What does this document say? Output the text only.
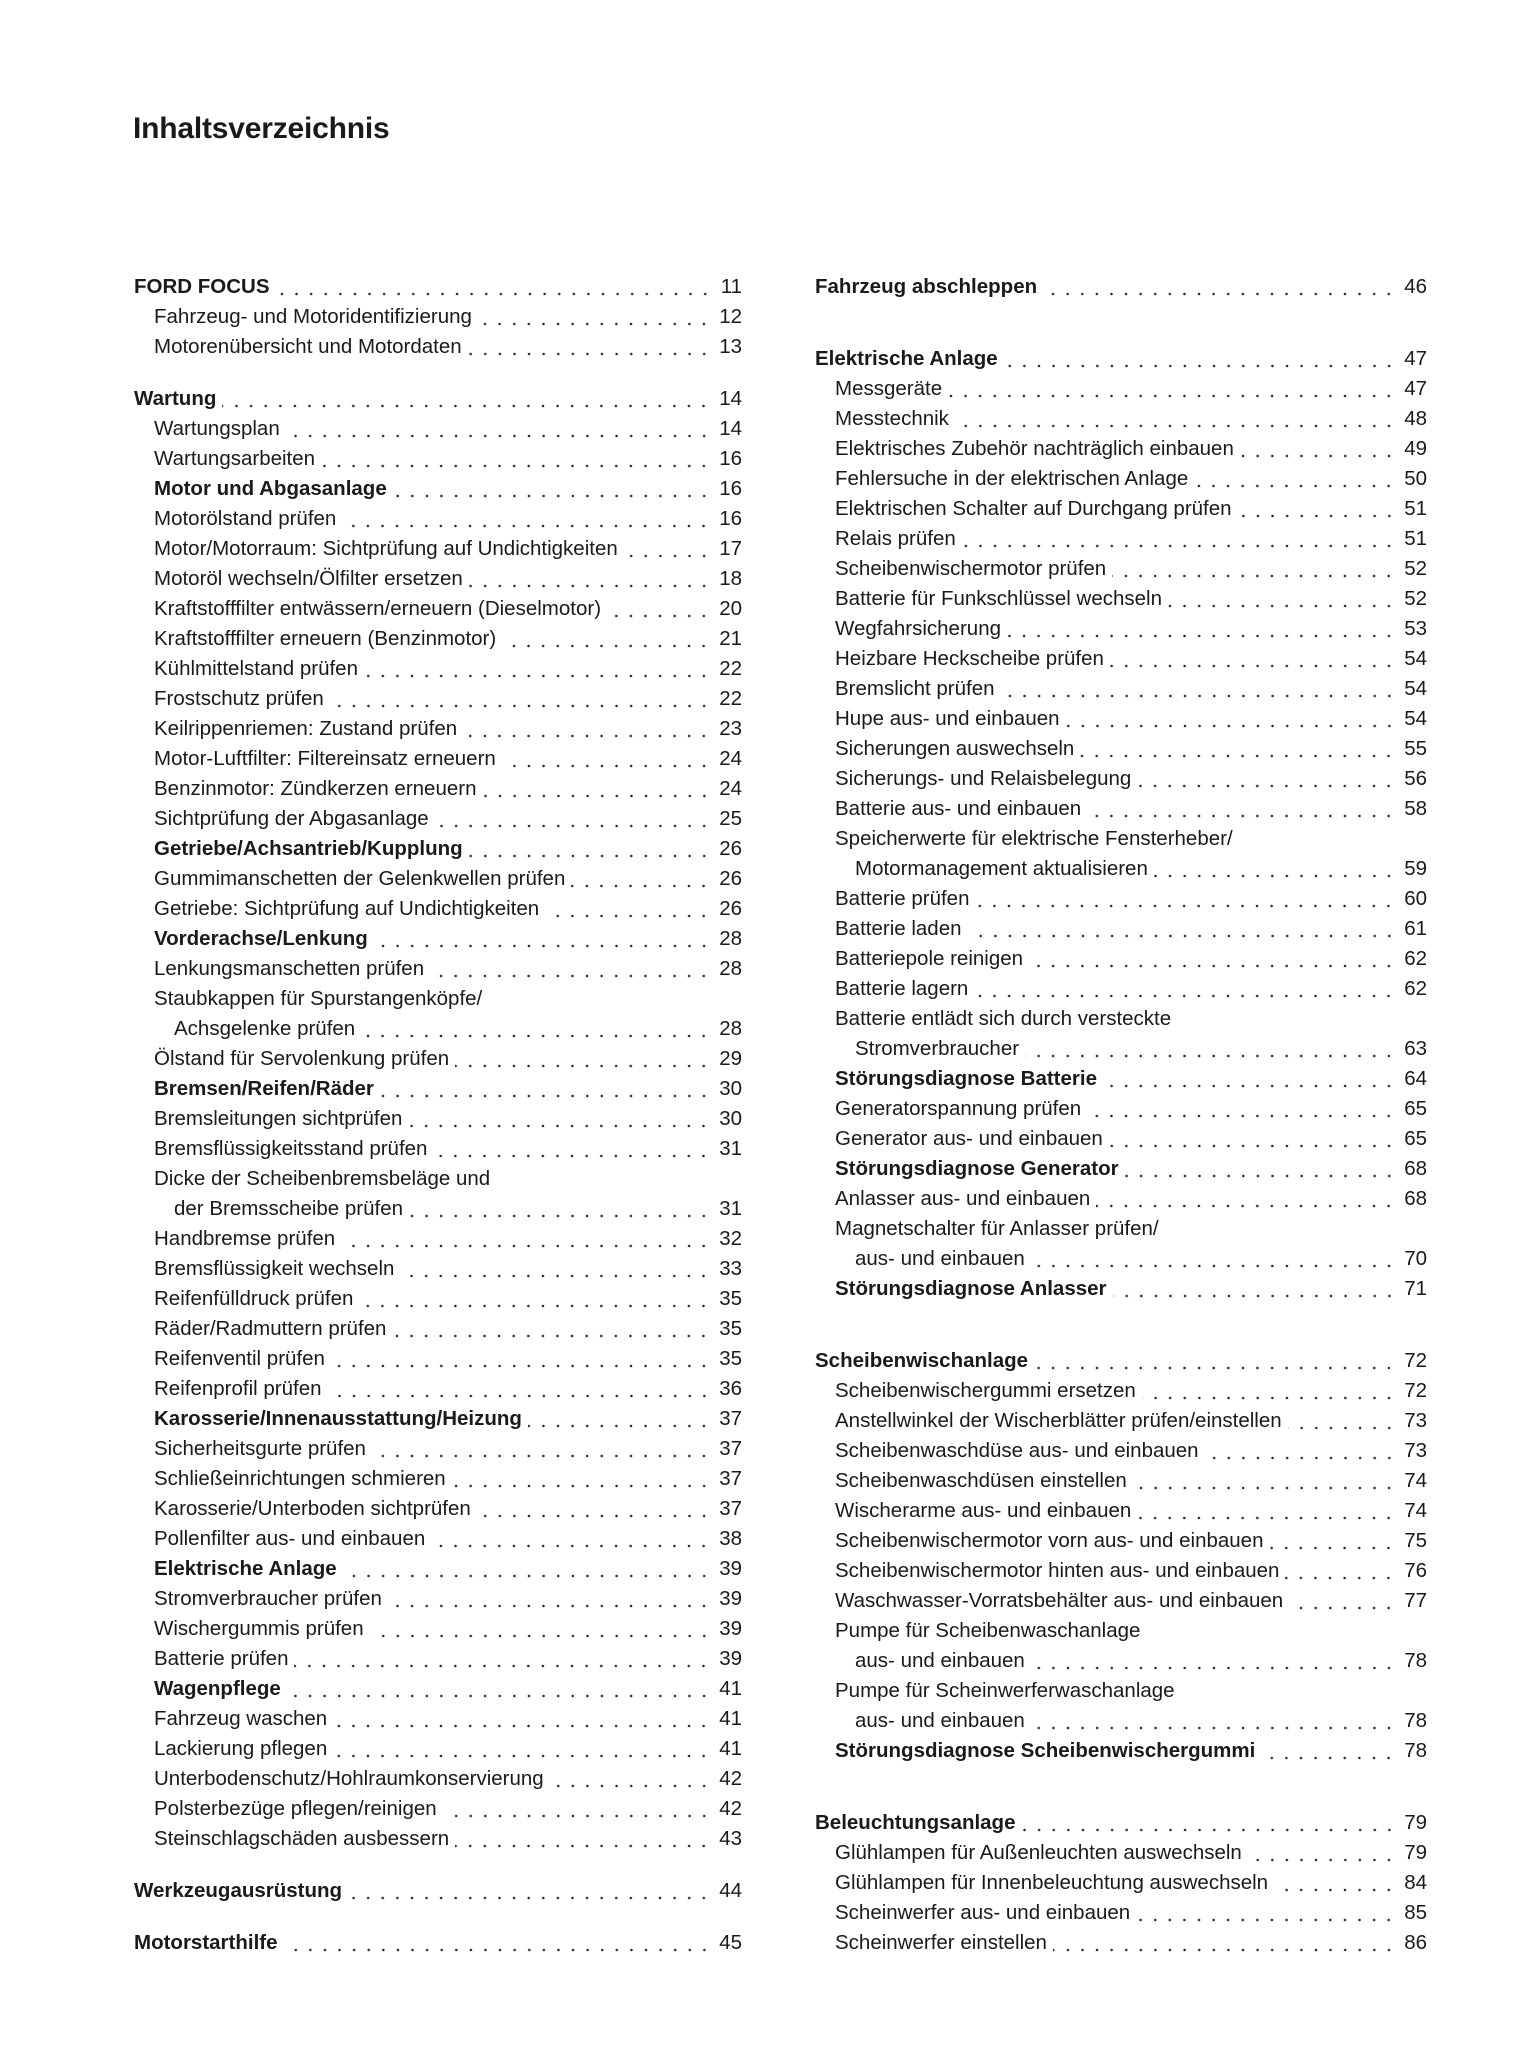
Inhaltsverzeichnis
FORD FOCUS	11
Fahrzeug- und Motoridentifizierung	12
Motorenübersicht und Motordaten	13
Wartung	14
Wartungsplan	14
Wartungsarbeiten	16
Motor und Abgasanlage	16
Motorölstand prüfen	16
Motor/Motorraum: Sichtprüfung auf Undichtigkeiten	17
Motoröl wechseln/Ölfilter ersetzen	18
Kraftstofffilter entwässern/erneuern (Dieselmotor)	20
Kraftstofffilter erneuern (Benzinmotor)	21
Kühlmittelstand prüfen	22
Frostschutz prüfen	22
Keilrippenriemen: Zustand prüfen	23
Motor-Luftfilter: Filtereinsatz erneuern	24
Benzinmotor: Zündkerzen erneuern	24
Sichtprüfung der Abgasanlage	25
Getriebe/Achsantrieb/Kupplung	26
Gummimanschetten der Gelenkwellen prüfen	26
Getriebe: Sichtprüfung auf Undichtigkeiten	26
Vorderachse/Lenkung	28
Lenkungsmanschetten prüfen	28
Staubkappen für Spurstangenköpfe/
Achsgelenke prüfen	28
Ölstand für Servolenkung prüfen	29
Bremsen/Reifen/Räder	30
Bremsleitungen sichtprüfen	30
Bremsflüssigkeitsstand prüfen	31
Dicke der Scheibenbremsbeläge und
der Bremsscheibe prüfen	31
Handbremse prüfen	32
Bremsflüssigkeit wechseln	33
Reifenfülldruck prüfen	35
Räder/Radmuttern prüfen	35
Reifenventil prüfen	35
Reifenprofil prüfen	36
Karosserie/Innenausstattung/Heizung	37
Sicherheitsgurte prüfen	37
Schließeinrichtungen schmieren	37
Karosserie/Unterboden sichtprüfen	37
Pollenfilter aus- und einbauen	38
Elektrische Anlage	39
Stromverbraucher prüfen	39
Wischergummis prüfen	39
Batterie prüfen	39
Wagenpflege	41
Fahrzeug waschen	41
Lackierung pflegen	41
Unterbodenschutz/Hohlraumkonservierung	42
Polsterbezüge pflegen/reinigen	42
Steinschlagschäden ausbessern	43
Werkzeugausrüstung	44
Motorstarthilfe	45
Fahrzeug abschleppen	46
Elektrische Anlage	47
Messgeräte	47
Messtechnik	48
Elektrisches Zubehör nachträglich einbauen	49
Fehlersuche in der elektrischen Anlage	50
Elektrischen Schalter auf Durchgang prüfen	51
Relais prüfen	51
Scheibenwischermotor prüfen	52
Batterie für Funkschlüssel wechseln	52
Wegfahrsicherung	53
Heizbare Heckscheibe prüfen	54
Bremslicht prüfen	54
Hupe aus- und einbauen	54
Sicherungen auswechseln	55
Sicherungs- und Relaisbelegung	56
Batterie aus- und einbauen	58
Speicherwerte für elektrische Fensterheber/
Motormanagement aktualisieren	59
Batterie prüfen	60
Batterie laden	61
Batteriepole reinigen	62
Batterie lagern	62
Batterie entlädt sich durch versteckte
Stromverbraucher	63
Störungsdiagnose Batterie	64
Generatorspannung prüfen	65
Generator aus- und einbauen	65
Störungsdiagnose Generator	68
Anlasser aus- und einbauen	68
Magnetschalter für Anlasser prüfen/
aus- und einbauen	70
Störungsdiagnose Anlasser	71
Scheibenwischanlage	72
Scheibenwischergummi ersetzen	72
Anstellwinkel der Wischerblätter prüfen/einstellen	73
Scheibenwaschdüse aus- und einbauen	73
Scheibenwaschdüsen einstellen	74
Wischerarme aus- und einbauen	74
Scheibenwischermotor vorn aus- und einbauen	75
Scheibenwischermotor hinten aus- und einbauen	76
Waschwasser-Vorratsbehälter aus- und einbauen	77
Pumpe für Scheibenwaschanlage
aus- und einbauen	78
Pumpe für Scheinwerferwaschanlage
aus- und einbauen	78
Störungsdiagnose Scheibenwischergummi	78
Beleuchtungsanlage	79
Glühlampen für Außenleuchten auswechseln	79
Glühlampen für Innenbeleuchtung auswechseln	84
Scheinwerfer aus- und einbauen	85
Scheinwerfer einstellen	86
